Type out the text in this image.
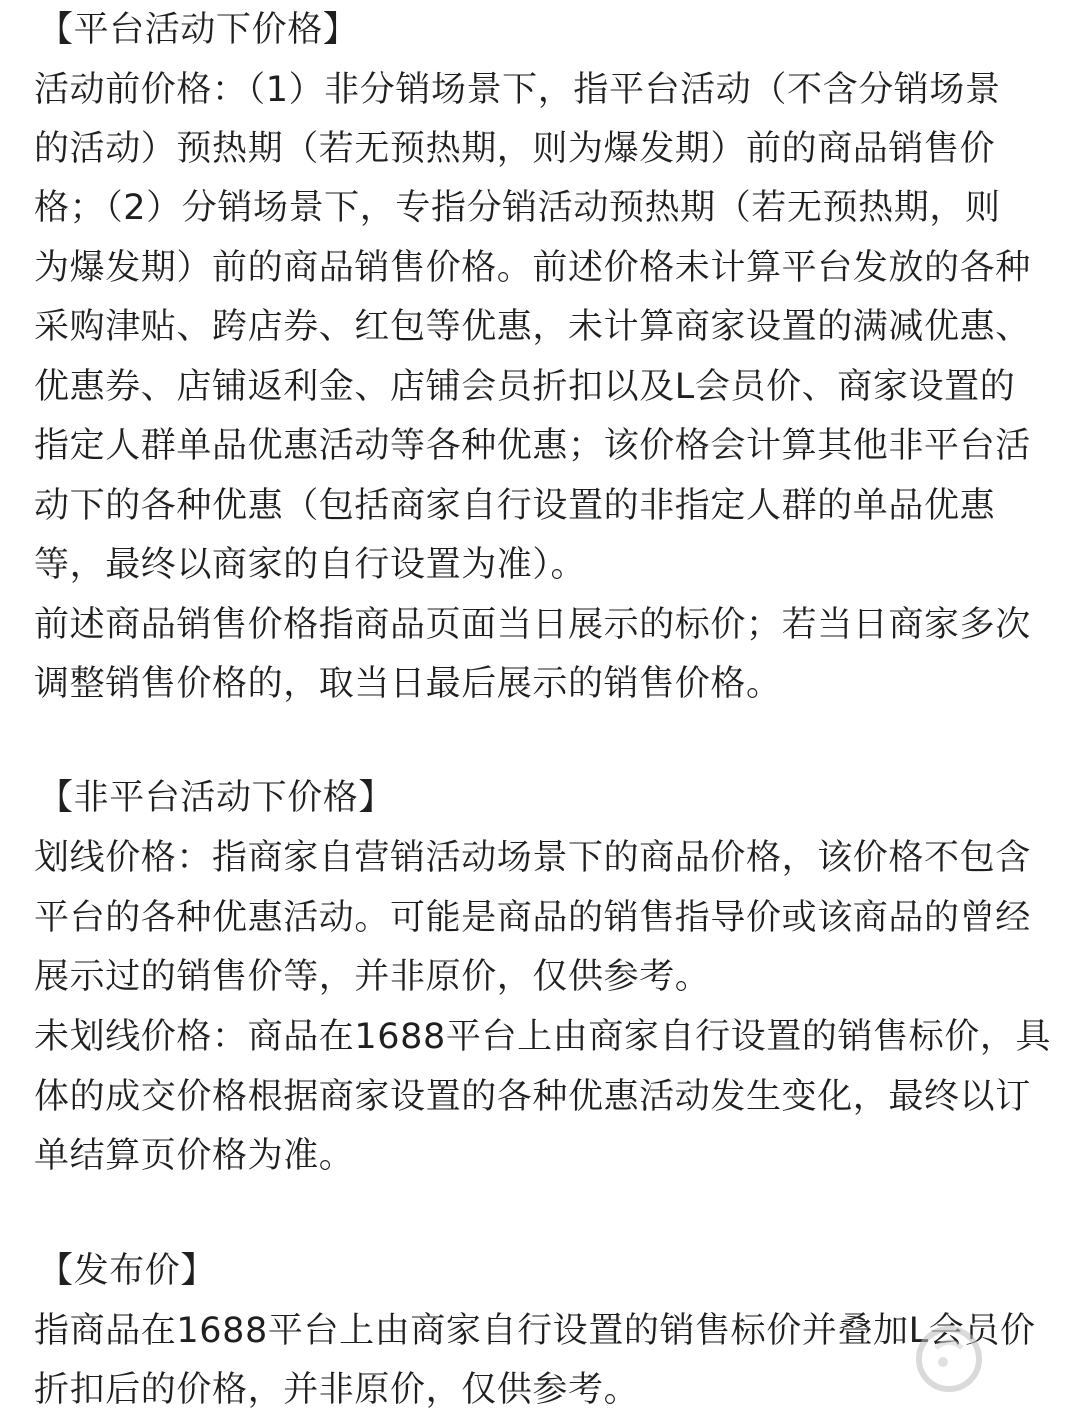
【平台活动下价格】
活动前价格：（1）非分销场景下，指平台活动（不含分销场景
的活动）预热期（若无预热期，则为爆发期）前的商品销售价
格；（2）分销场景下，专指分销活动预热期（若无预热期，则
为爆发期）前的商品销售价格。前述价格未计算平台发放的各种
采购津贴、跨店券、红包等优惠，未计算商家设置的满减优惠、
优惠券、店铺返利金、店铺会员折扣以及L会员价、商家设置的
指定人群单品优惠活动等各种优惠；该价格会计算其他非平台活
动下的各种优惠（包括商家自行设置的非指定人群的单品优惠
等，最终以商家的自行设置为准）。
前述商品销售价格指商品页面当日展示的标价；若当日商家多次
调整销售价格的，取当日最后展示的销售价格。
【非平台活动下价格】
划线价格：指商家自营销活动场景下的商品价格，该价格不包含
平台的各种优惠活动。可能是商品的销售指导价或该商品的曾经
展示过的销售价等，并非原价，仅供参考。
未划线价格：商品在1688平台上由商家自行设置的销售标价，具
体的成交价格根据商家设置的各种优惠活动发生变化，最终以订
单结算页价格为准。
【发布价】
指商品在1688平台上由商家自行设置的销售标价并叠加L会员价
折扣后的价格，并非原价，仅供参考。
